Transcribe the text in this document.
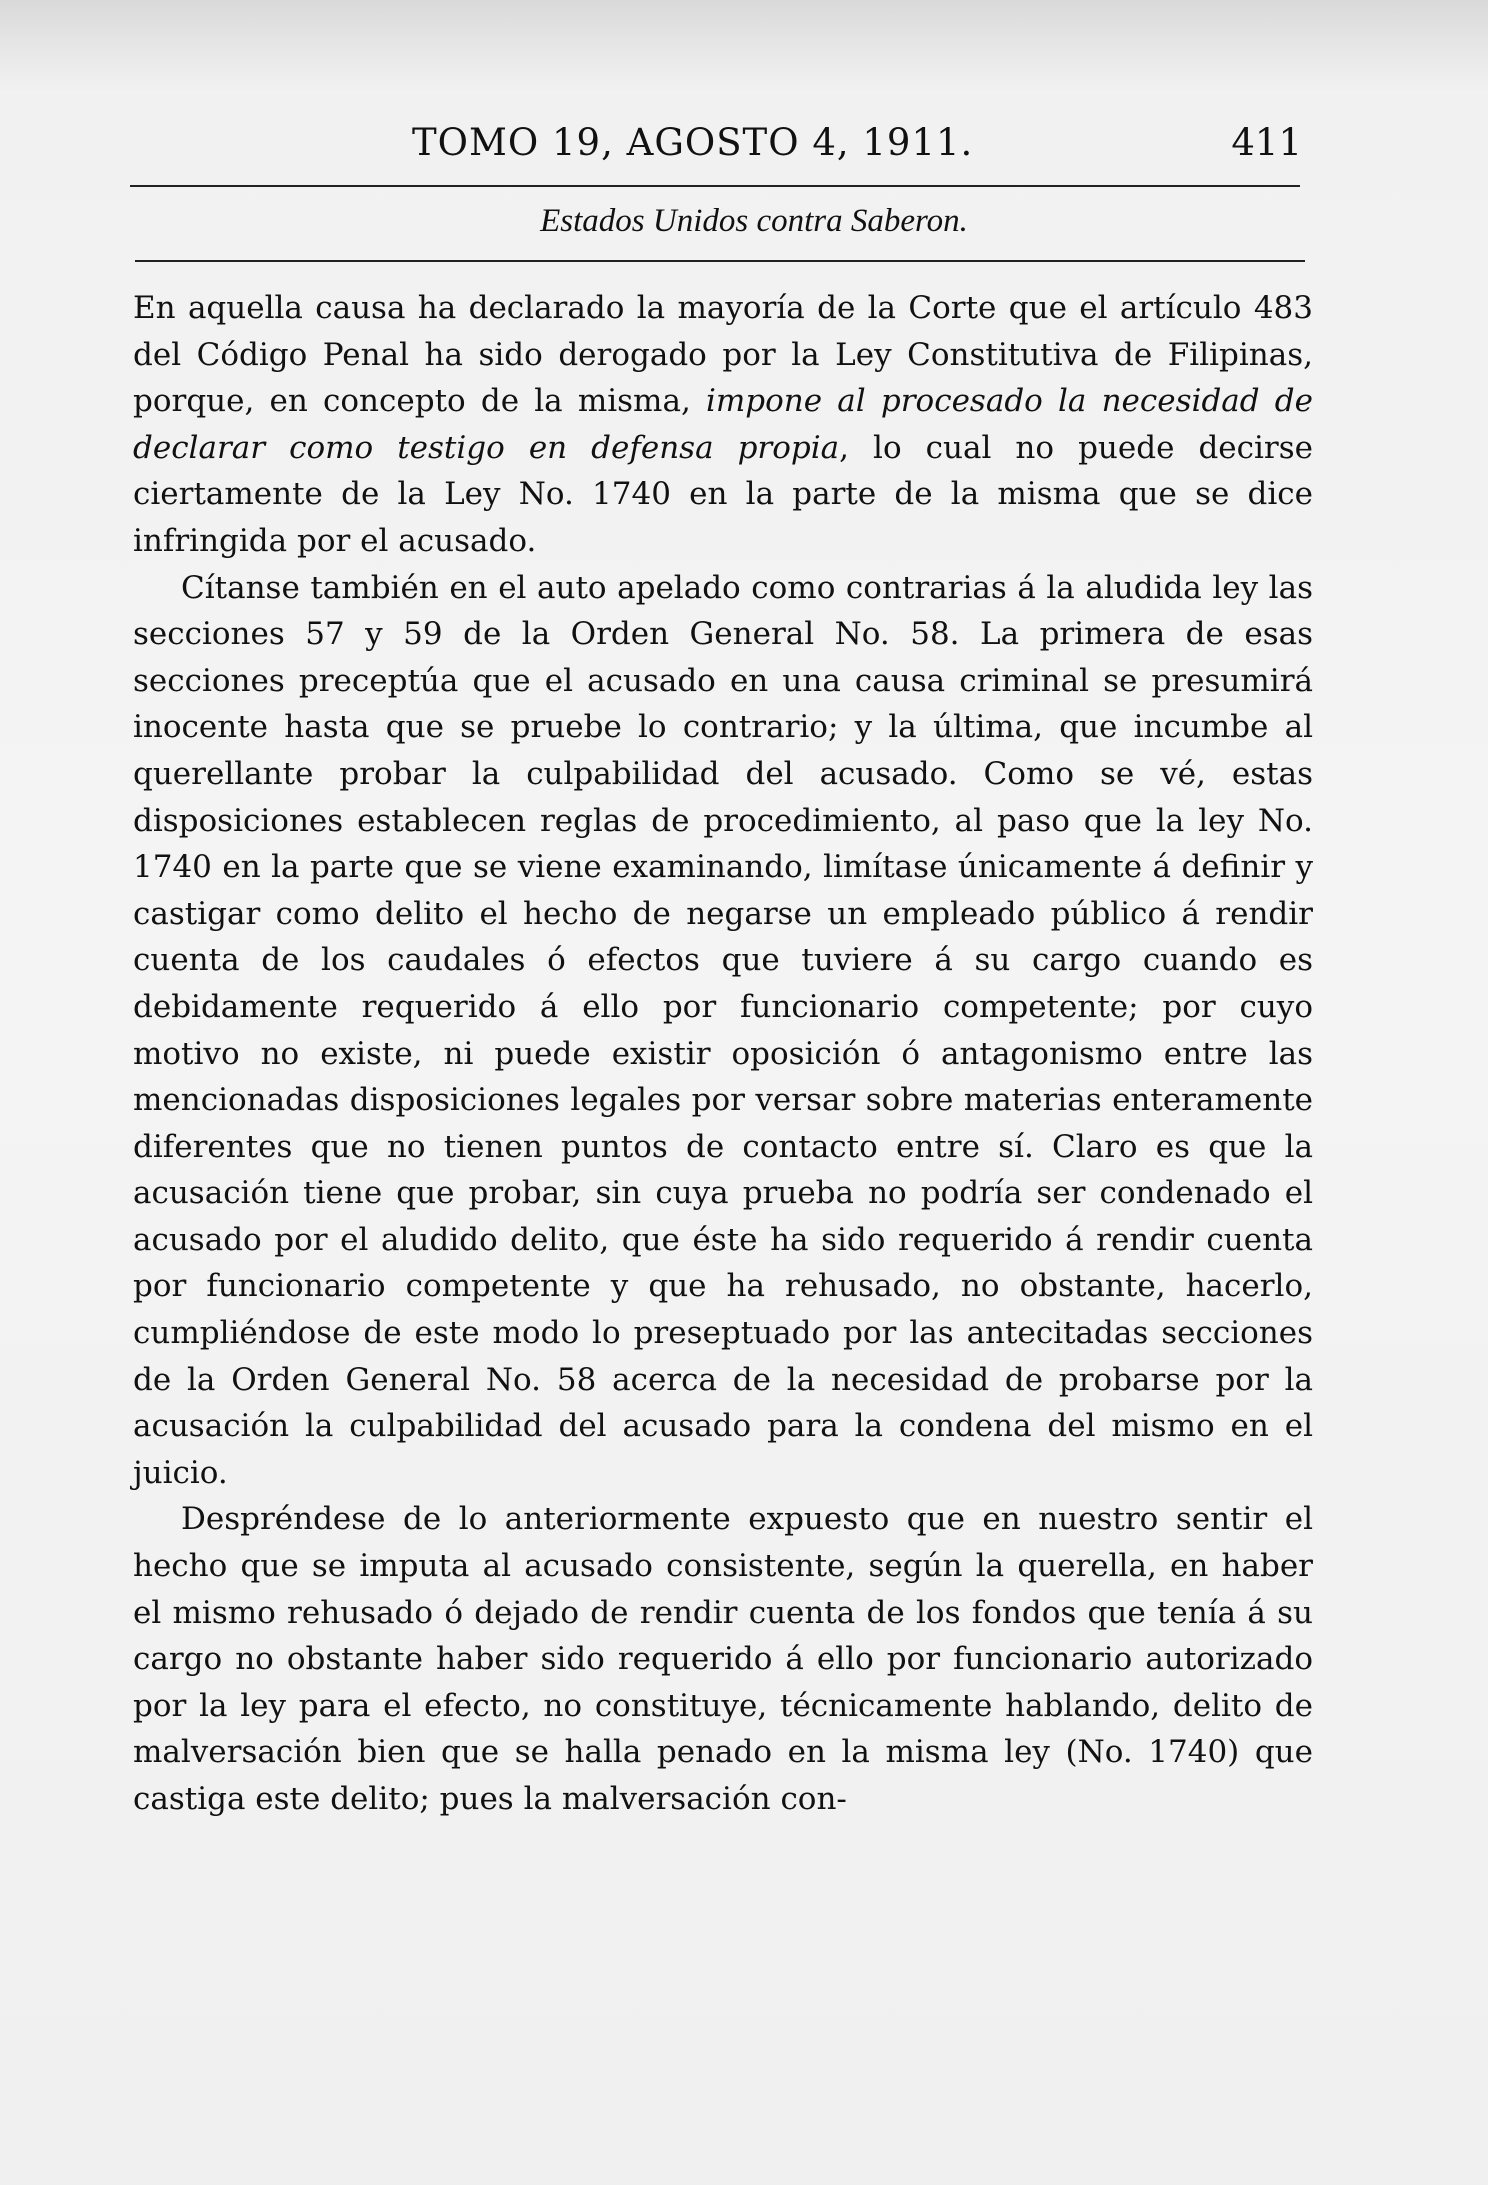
TOMO 19, AGOSTO 4, 1911.	411
Estados Unidos contra Saberon.

En aquella causa ha declarado la mayoría de la Corte que el artículo 483 del Código Penal ha sido derogado por la Ley Constitutiva de Filipinas, porque, en concepto de la misma, impone al procesado la necesidad de declarar como testigo en defensa propia, lo cual no puede decirse ciertamente de la Ley No. 1740 en la parte de la misma que se dice infringida por el acusado.

Cítanse también en el auto apelado como contrarias á la aludida ley las secciones 57 y 59 de la Orden General No. 58. La primera de esas secciones preceptúa que el acusado en una causa criminal se presumirá inocente hasta que se pruebe lo contrario; y la última, que incumbe al querellante probar la culpabilidad del acusado. Como se vé, estas disposiciones establecen reglas de procedimiento, al paso que la ley No. 1740 en la parte que se viene examinando, limítase únicamente á definir y castigar como delito el hecho de negarse un empleado público á rendir cuenta de los caudales ó efectos que tuviere á su cargo cuando es debidamente requerido á ello por funcionario competente; por cuyo motivo no existe, ni puede existir oposición ó antagonismo entre las mencionadas disposiciones legales por versar sobre materias enteramente diferentes que no tienen puntos de contacto entre sí. Claro es que la acusación tiene que probar, sin cuya prueba no podría ser condenado el acusado por el aludido delito, que éste ha sido requerido á rendir cuenta por funcionario competente y que ha rehusado, no obstante, hacerlo, cumpliéndose de este modo lo preseptuado por las antecitadas secciones de la Orden General No. 58 acerca de la necesidad de probarse por la acusación la culpabilidad del acusado para la condena del mismo en el juicio.

Despréndese de lo anteriormente expuesto que en nuestro sentir el hecho que se imputa al acusado consistente, según la querella, en haber el mismo rehusado ó dejado de rendir cuenta de los fondos que tenía á su cargo no obstante haber sido requerido á ello por funcionario autorizado por la ley para el efecto, no constituye, técnicamente hablando, delito de malversación bien que se halla penado en la misma ley (No. 1740) que castiga este delito; pues la malversación con-
